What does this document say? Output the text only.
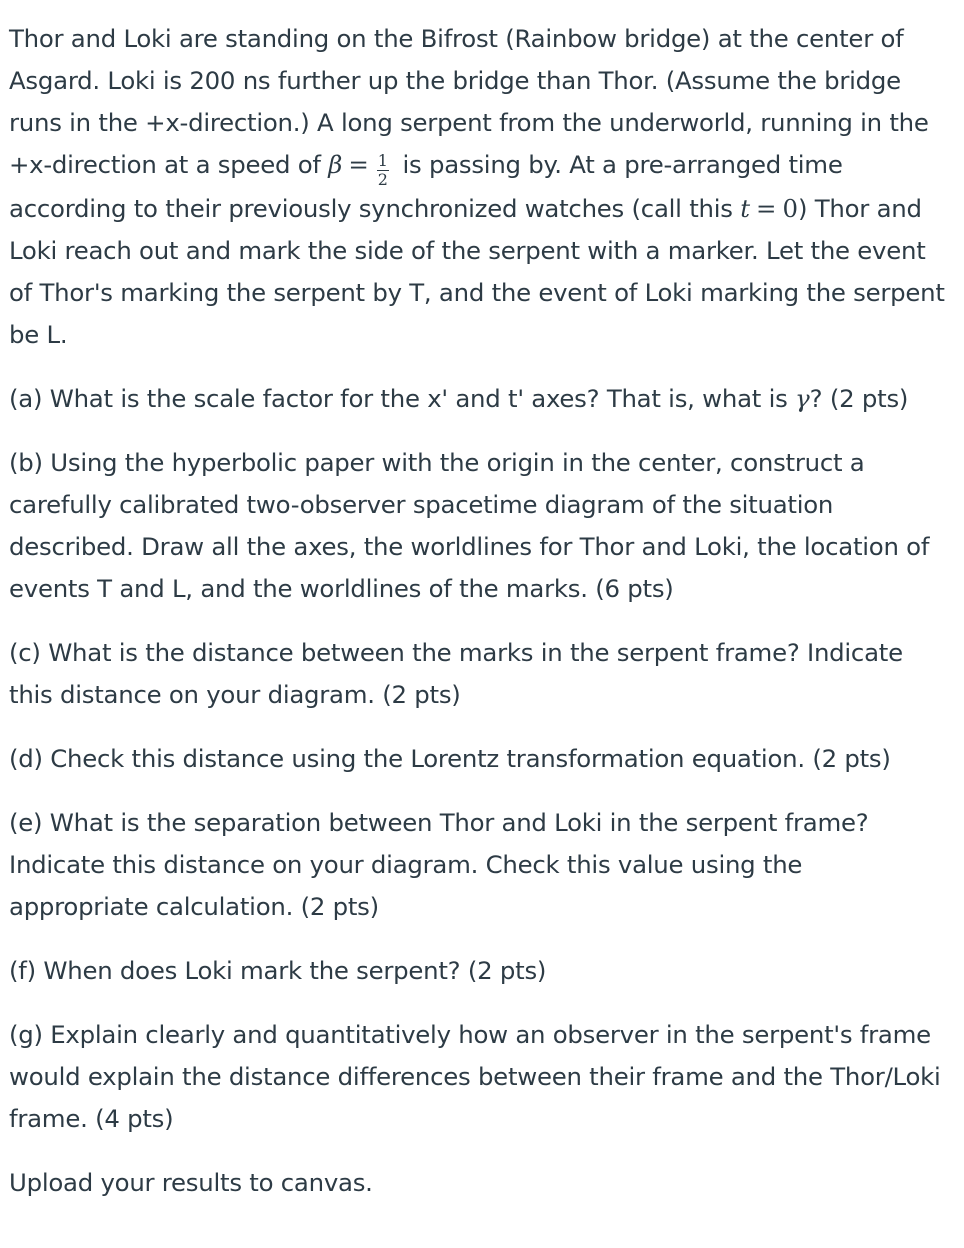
Thor and Loki are standing on the Bifrost (Rainbow bridge) at the center of Asgard. Loki is 200 ns further up the bridge than Thor. (Assume the bridge runs in the +x-direction.) A long serpent from the underworld, running in the +x-direction at a speed of $\beta = \frac{1}{2}$ is passing by. At a pre-arranged time according to their previously synchronized watches (call this t = 0) Thor and Loki reach out and mark the side of the serpent with a marker. Let the event of Thor's marking the serpent by T, and the event of Loki marking the serpent be L.

(a) What is the scale factor for the x' and t' axes? That is, what is γ? (2 pts)

(b) Using the hyperbolic paper with the origin in the center, construct a carefully calibrated two-observer spacetime diagram of the situation described. Draw all the axes, the worldlines for Thor and Loki, the location of events T and L, and the worldlines of the marks. (6 pts)

(c) What is the distance between the marks in the serpent frame? Indicate this distance on your diagram. (2 pts)

(d) Check this distance using the Lorentz transformation equation. (2 pts)

(e) What is the separation between Thor and Loki in the serpent frame? Indicate this distance on your diagram. Check this value using the appropriate calculation. (2 pts)

(f) When does Loki mark the serpent? (2 pts)

(g) Explain clearly and quantitatively how an observer in the serpent's frame would explain the distance differences between their frame and the Thor/Loki frame. (4 pts)

Upload your results to canvas.
